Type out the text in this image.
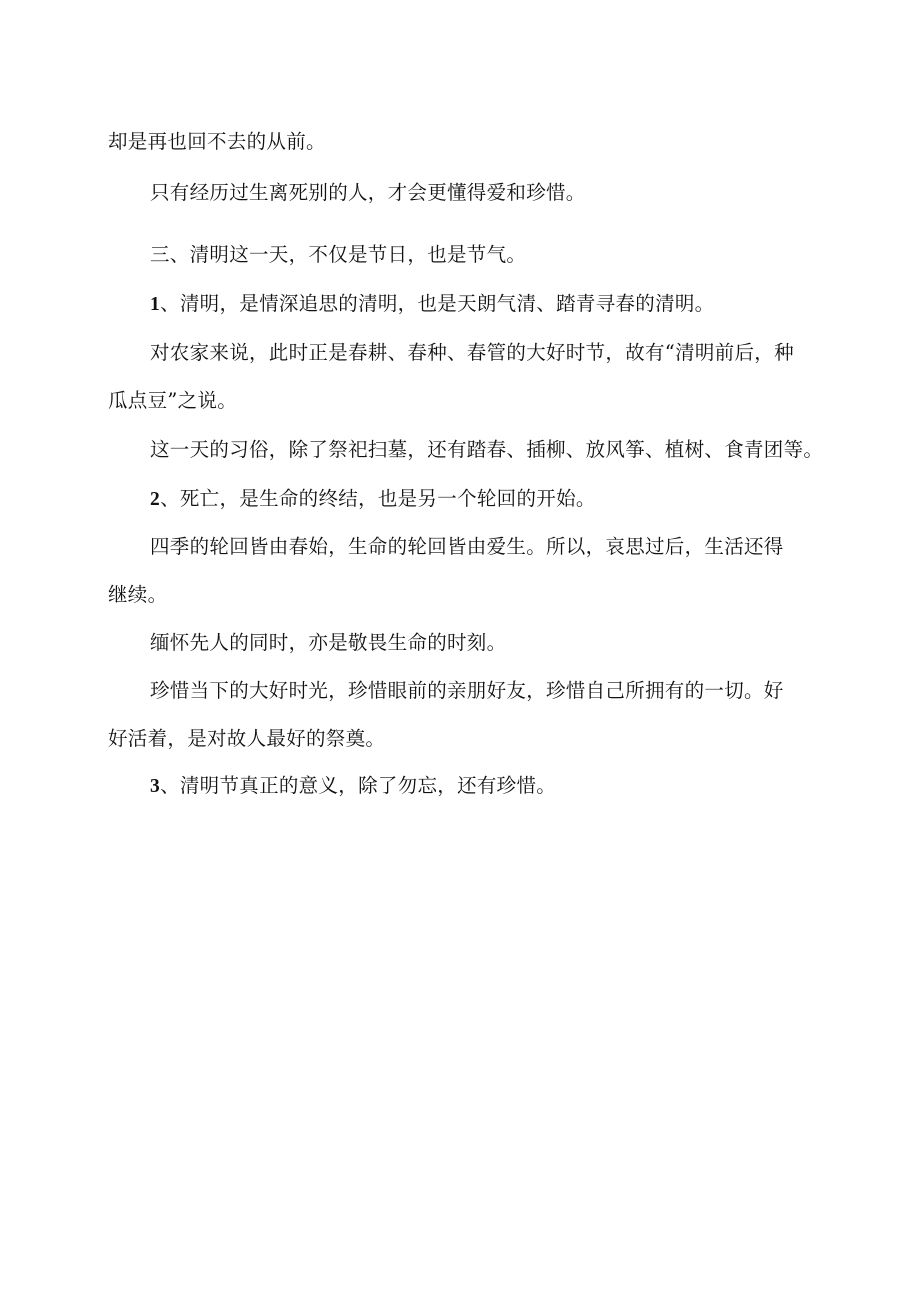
却是再也回不去的从前。
只有经历过生离死别的人，才会更懂得爱和珍惜。
三、清明这一天，不仅是节日，也是节气。
1、清明，是情深追思的清明，也是天朗气清、踏青寻春的清明。
对农家来说，此时正是春耕、春种、春管的大好时节，故有“清明前后，种
瓜点豆”之说。
这一天的习俗，除了祭祀扫墓，还有踏春、插柳、放风筝、植树、食青团等。
2、死亡，是生命的终结，也是另一个轮回的开始。
四季的轮回皆由春始，生命的轮回皆由爱生。所以，哀思过后，生活还得
继续。
缅怀先人的同时，亦是敬畏生命的时刻。
珍惜当下的大好时光，珍惜眼前的亲朋好友，珍惜自己所拥有的一切。好
好活着，是对故人最好的祭奠。
3、清明节真正的意义，除了勿忘，还有珍惜。
